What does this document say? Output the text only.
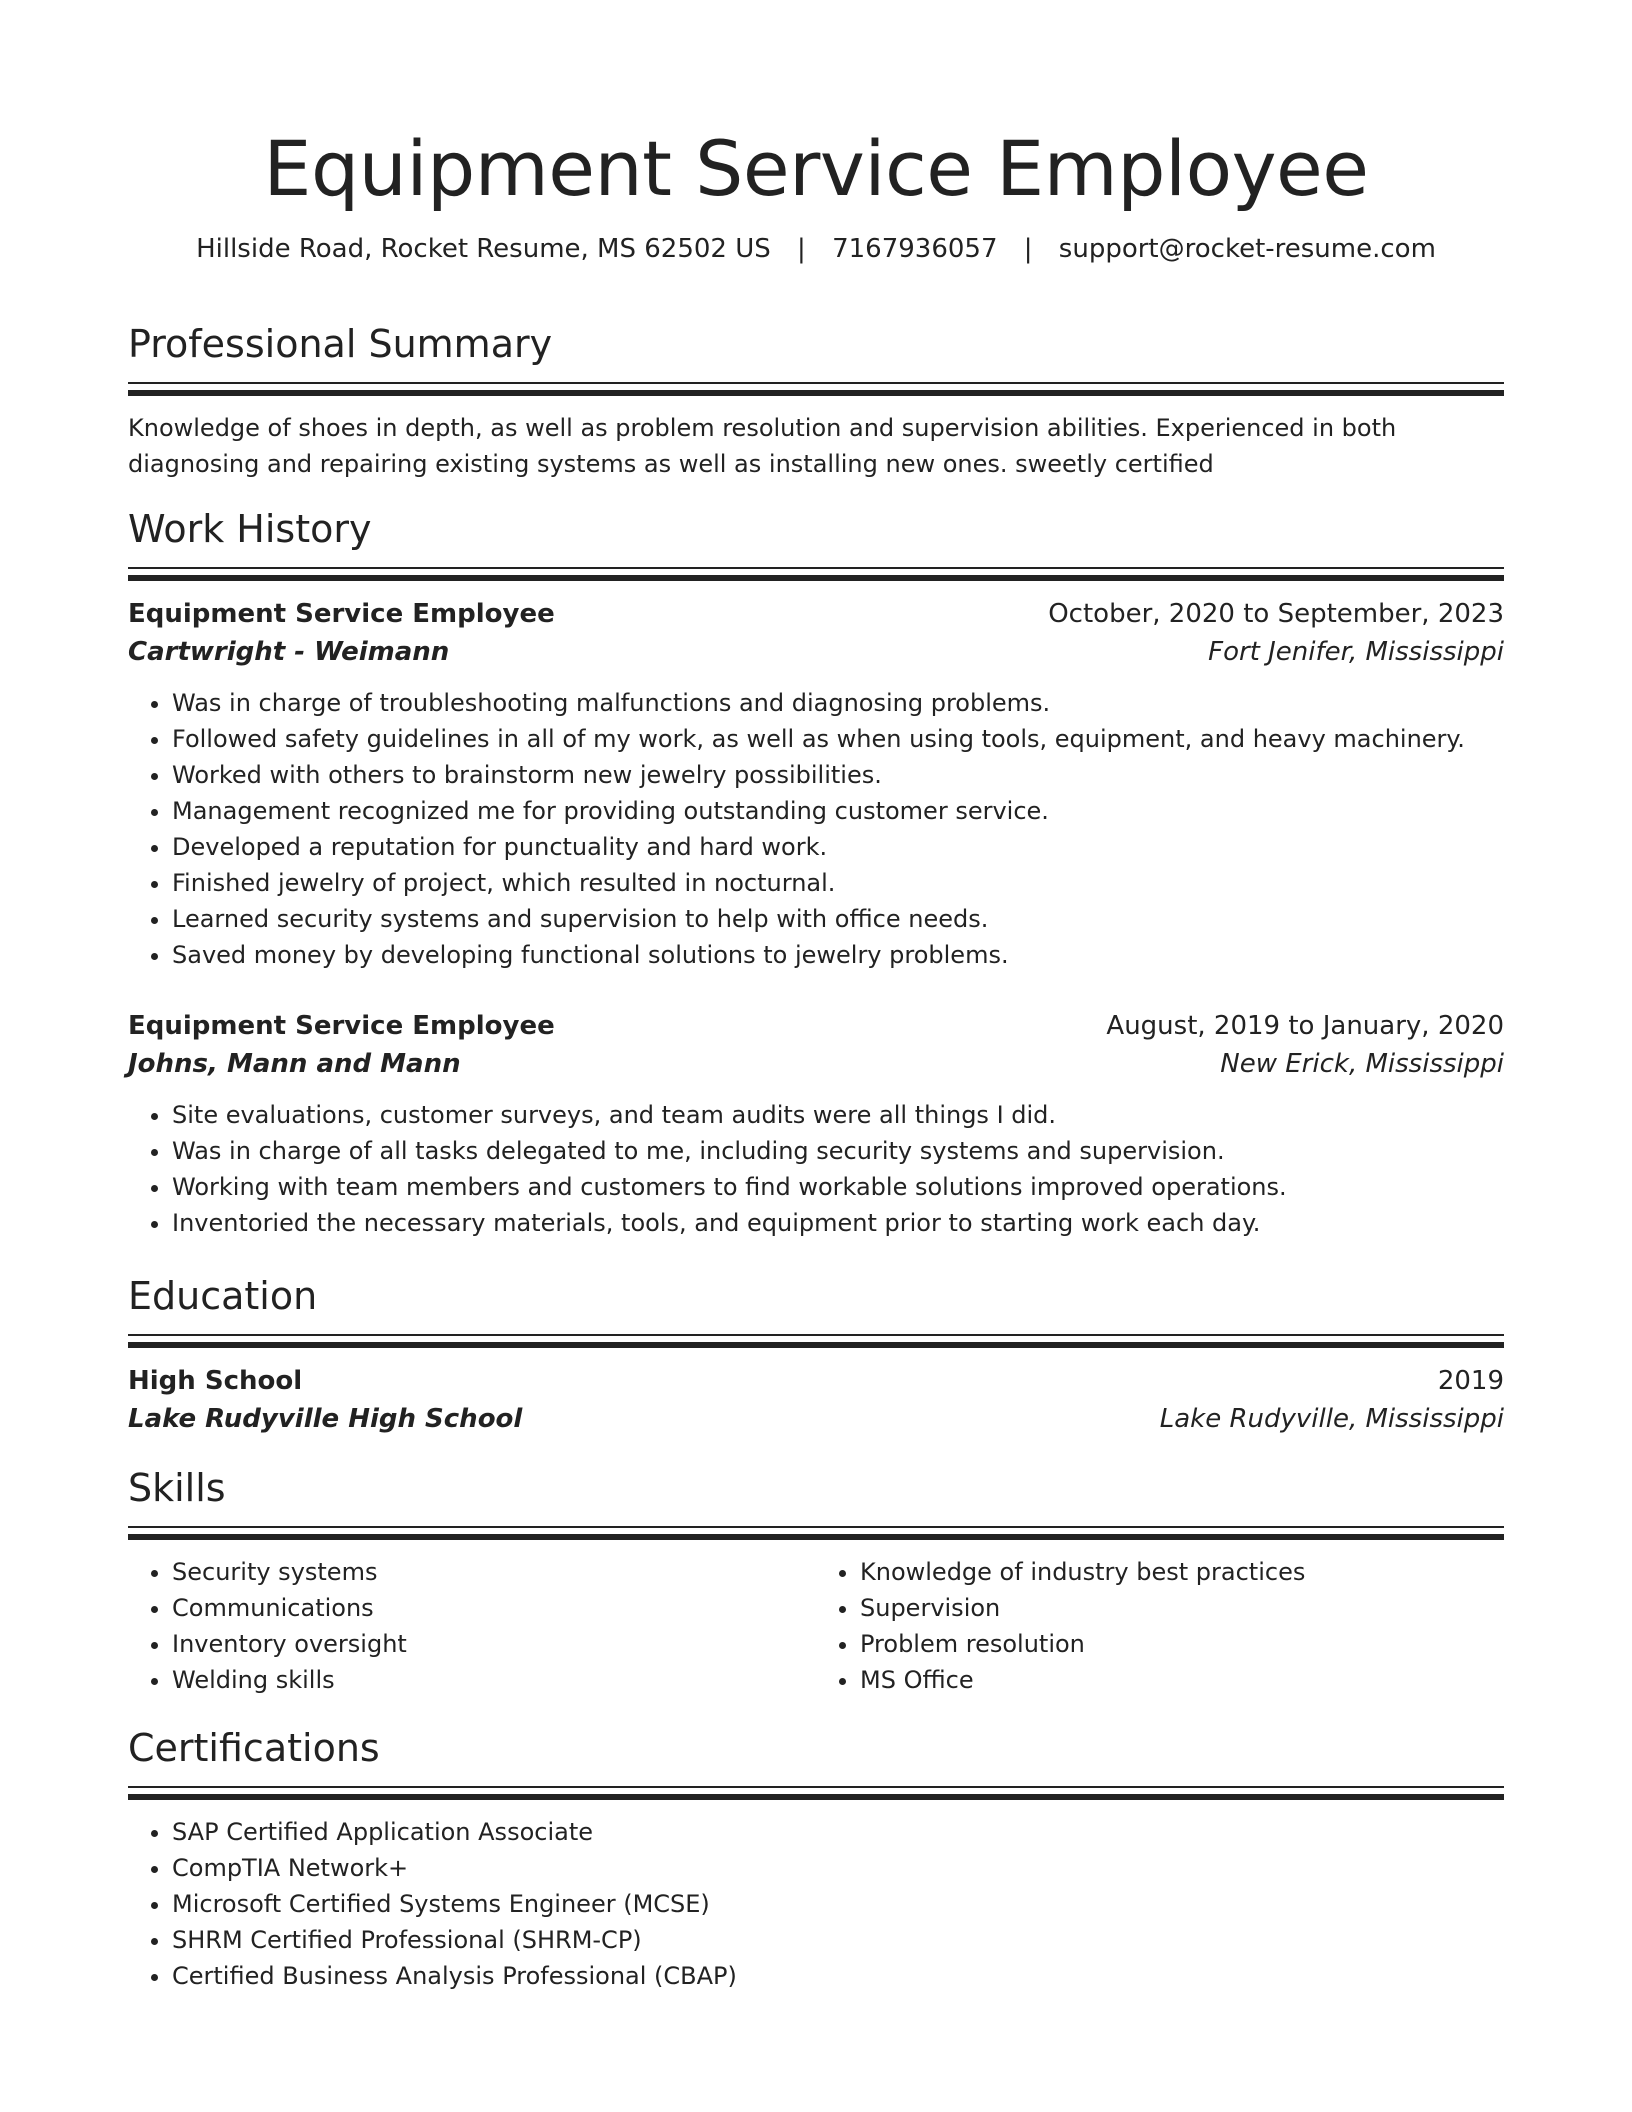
Equipment Service Employee
Hillside Road, Rocket Resume, MS 62502 US | 7167936057 | support@rocket-resume.com
Professional Summary
Knowledge of shoes in depth, as well as problem resolution and supervision abilities. Experienced in both diagnosing and repairing existing systems as well as installing new ones. sweetly certified
Work History
Equipment Service Employee	October, 2020 to September, 2023
Cartwright - Weimann	Fort Jenifer, Mississippi
• Was in charge of troubleshooting malfunctions and diagnosing problems.
• Followed safety guidelines in all of my work, as well as when using tools, equipment, and heavy machinery.
• Worked with others to brainstorm new jewelry possibilities.
• Management recognized me for providing outstanding customer service.
• Developed a reputation for punctuality and hard work.
• Finished jewelry of project, which resulted in nocturnal.
• Learned security systems and supervision to help with office needs.
• Saved money by developing functional solutions to jewelry problems.
Equipment Service Employee	August, 2019 to January, 2020
Johns, Mann and Mann	New Erick, Mississippi
• Site evaluations, customer surveys, and team audits were all things I did.
• Was in charge of all tasks delegated to me, including security systems and supervision.
• Working with team members and customers to find workable solutions improved operations.
• Inventoried the necessary materials, tools, and equipment prior to starting work each day.
Education
High School	2019
Lake Rudyville High School	Lake Rudyville, Mississippi
Skills
• Security systems
• Communications
• Inventory oversight
• Welding skills
• Knowledge of industry best practices
• Supervision
• Problem resolution
• MS Office
Certifications
• SAP Certified Application Associate
• CompTIA Network+
• Microsoft Certified Systems Engineer (MCSE)
• SHRM Certified Professional (SHRM-CP)
• Certified Business Analysis Professional (CBAP)
